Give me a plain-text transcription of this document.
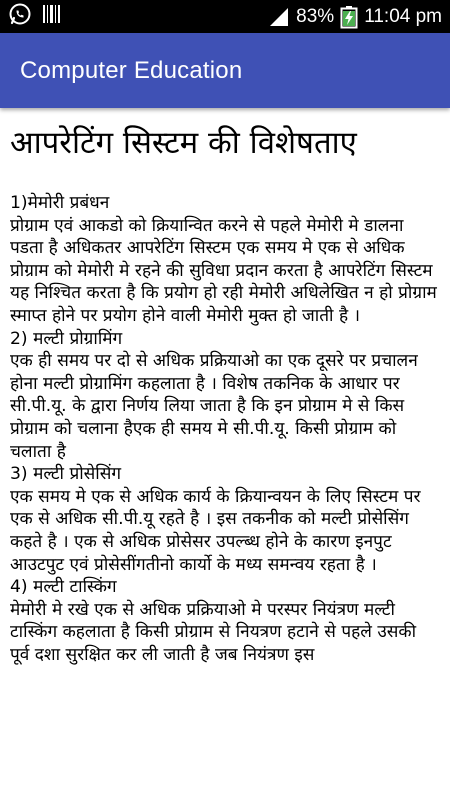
83% 11:04 pm
Computer Education
आपरेटिंग सिस्टम की विशेषताए
1)मेमोरी प्रबंधन
प्रोग्राम एवं आकडो को क्रियान्वित करने से पहले मेमोरी मे डालना पडता है अधिकतर आपरेटिंग सिस्टम एक समय मे एक से अधिक प्रोग्राम को मेमोरी मे रहने की सुविधा प्रदान करता है आपरेटिंग सिस्टम यह निश्चित करता है कि प्रयोग हो रही मेमोरी अधिलेखित न हो प्रोग्राम स्माप्त होने पर प्रयोग होने वाली मेमोरी मुक्त हो जाती है ।
2) मल्टी प्रोग्रामिंग
एक ही समय पर दो से अधिक प्रक्रियाओ का एक दूसरे पर प्रचालन होना मल्टी प्रोग्रामिंग कहलाता है । विशेष तकनिक के आधार पर सी.पी.यू. के द्वारा निर्णय लिया जाता है कि इन प्रोग्राम मे से किस प्रोग्राम को चलाना हैएक ही समय मे सी.पी.यू. किसी प्रोग्राम को चलाता है
3) मल्टी प्रोसेसिंग
एक समय मे एक से अधिक कार्य के क्रियान्वयन के लिए सिस्टम पर एक से अधिक सी.पी.यू रहते है । इस तकनीक को मल्टी प्रोसेसिंग कहते है । एक से अधिक प्रोसेसर उपल्ब्ध होने के कारण इनपुट आउटपुट एवं प्रोसेसींगतीनो कार्यो के मध्य समन्वय रहता है ।
4) मल्टी टास्किंग
मेमोरी मे रखे एक से अधिक प्रक्रियाओ मे परस्पर नियंत्रण मल्टी टास्किंग कहलाता है किसी प्रोग्राम से नियत्रण हटाने से पहले उसकी पूर्व दशा सुरक्षित कर ली जाती है जब नियंत्रण इस
